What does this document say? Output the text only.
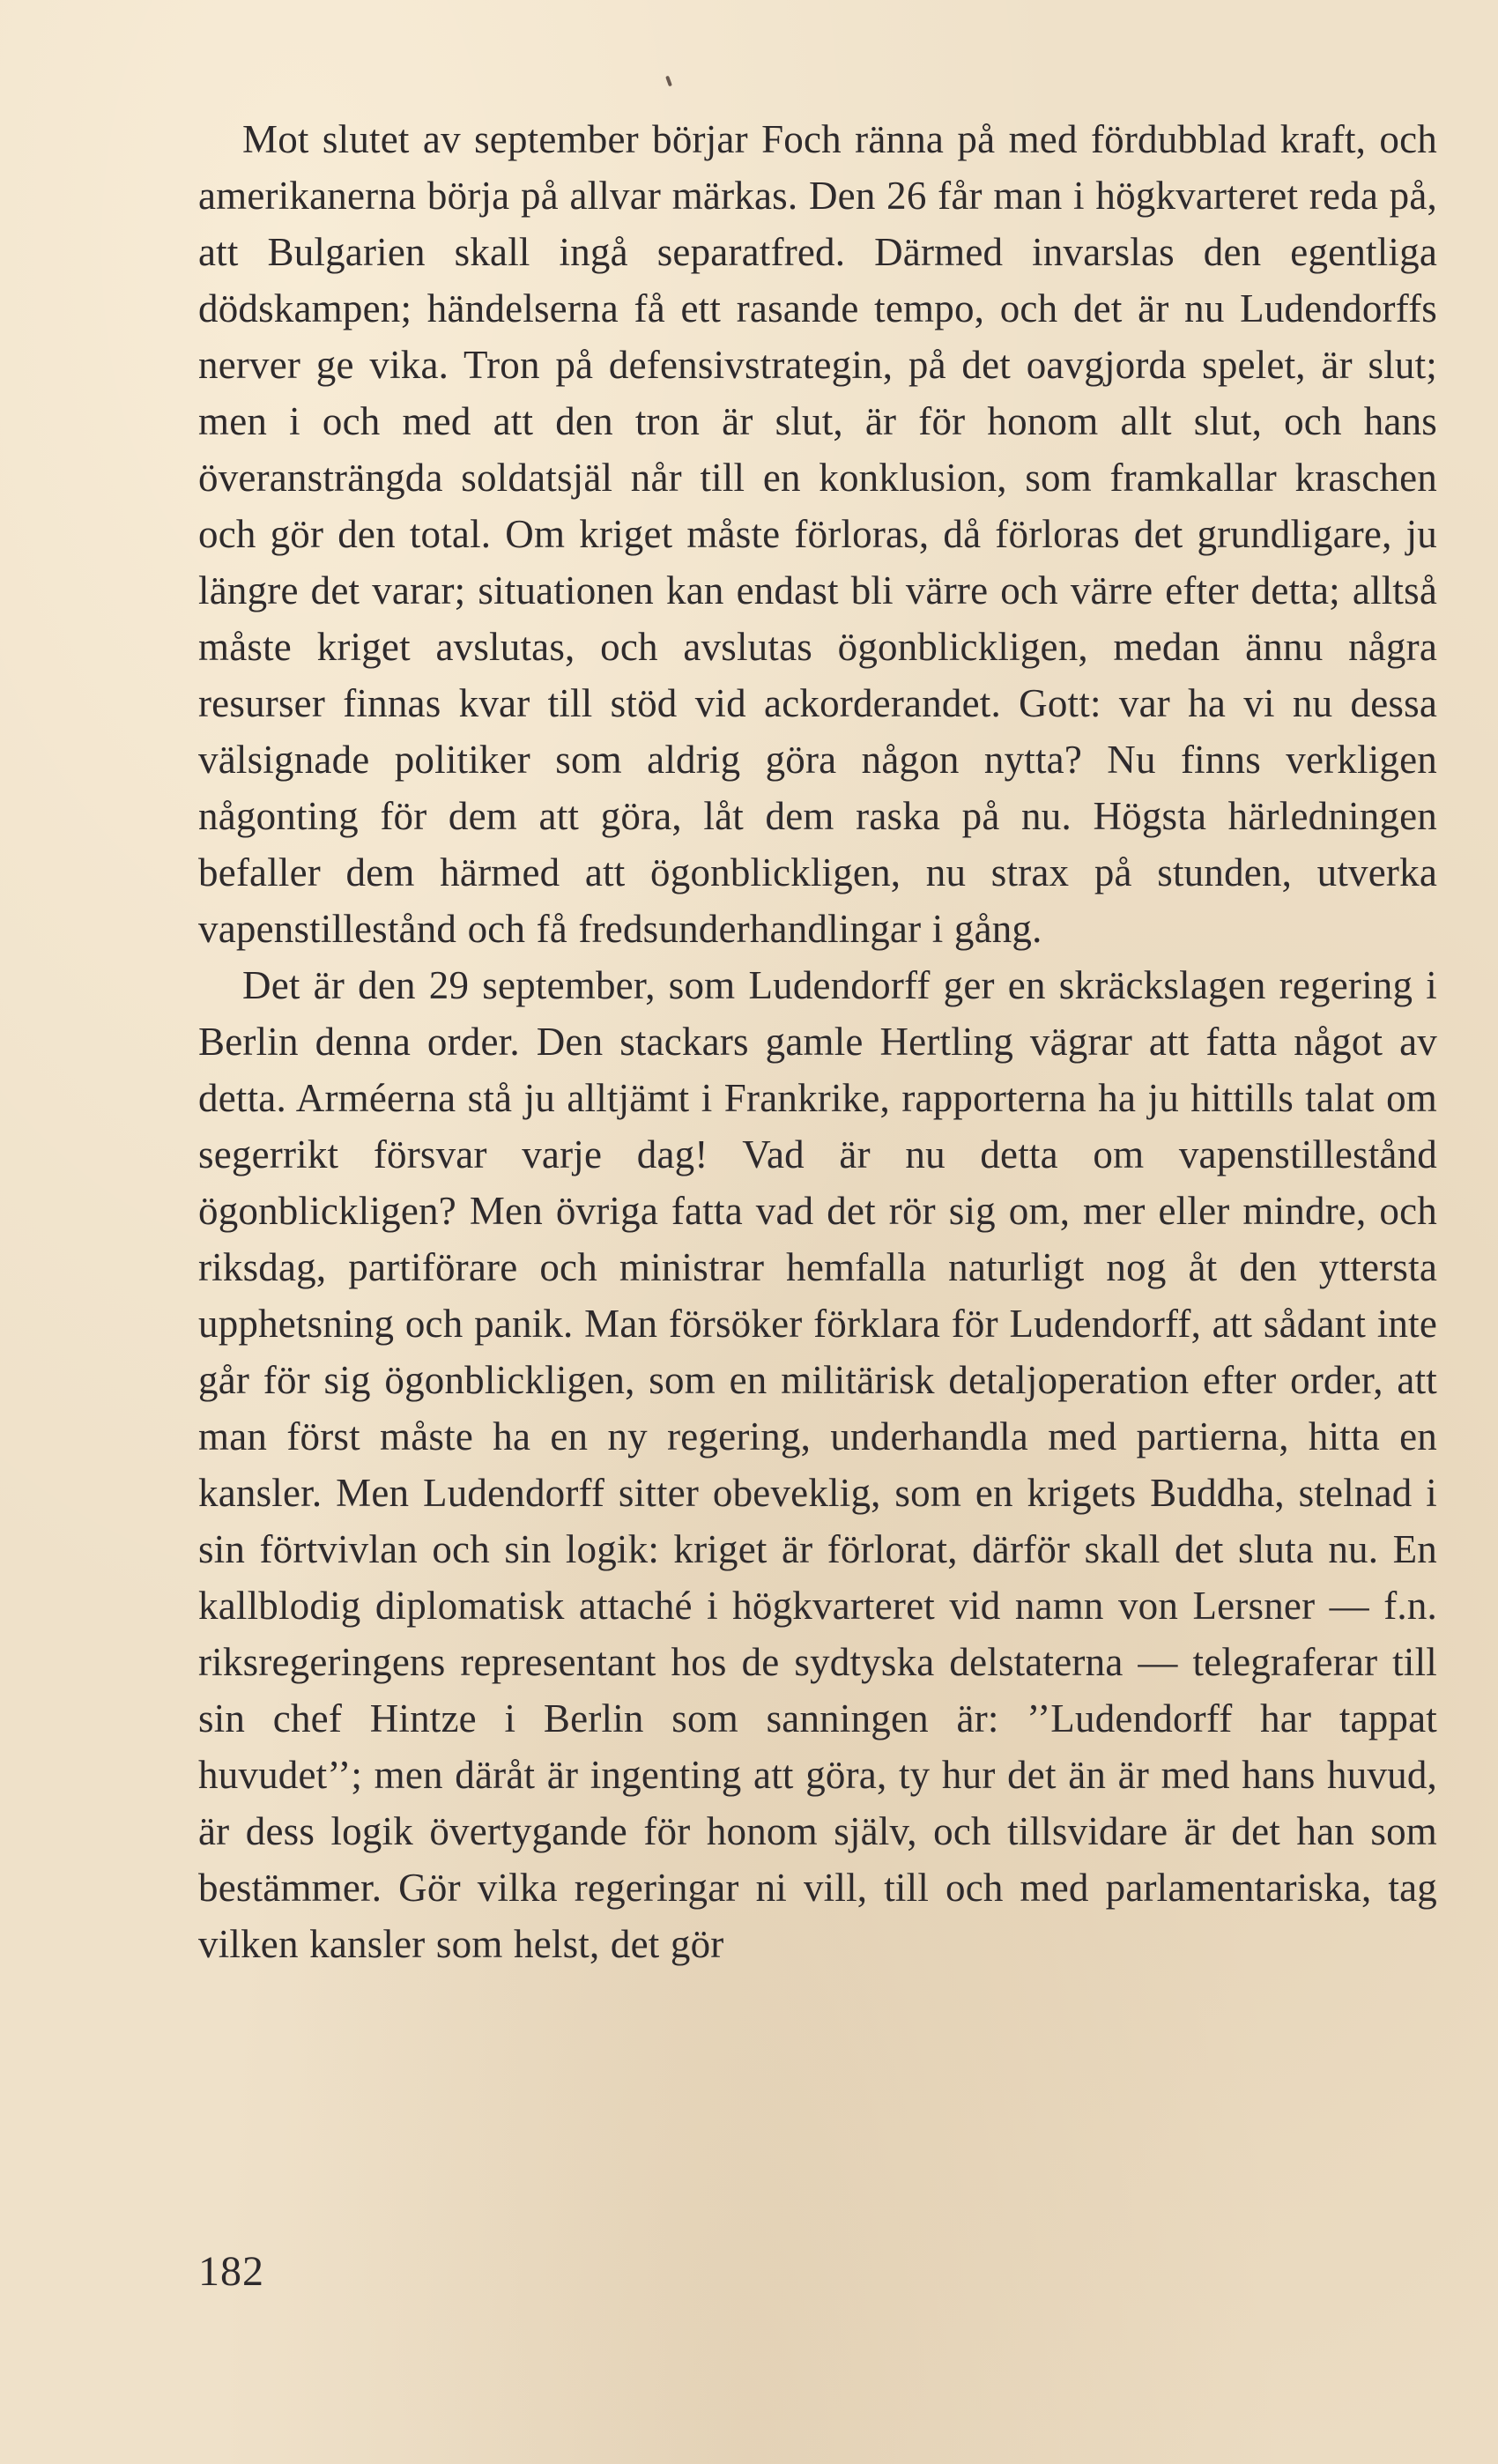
Mot slutet av september börjar Foch ränna på med fördubblad kraft, och amerikanerna börja på allvar märkas. Den 26 får man i högkvarteret reda på, att Bulgarien skall ingå separatfred. Därmed invarslas den egentliga dödskampen; händelserna få ett rasande tempo, och det är nu Ludendorffs nerver ge vika. Tron på defensivstrategin, på det oavgjorda spelet, är slut; men i och med att den tron är slut, är för honom allt slut, och hans överansträngda soldatsjäl når till en konklusion, som framkallar kraschen och gör den total. Om kriget måste förloras, då förloras det grundligare, ju längre det varar; situationen kan endast bli värre och värre efter detta; alltså måste kriget avslutas, och avslutas ögonblickligen, medan ännu några resurser finnas kvar till stöd vid ackorderandet. Gott: var ha vi nu dessa välsignade politiker som aldrig göra någon nytta? Nu finns verkligen någonting för dem att göra, låt dem raska på nu. Högsta härledningen befaller dem härmed att ögonblickligen, nu strax på stunden, utverka vapenstillestånd och få fredsunderhandlingar i gång.

Det är den 29 september, som Ludendorff ger en skräckslagen regering i Berlin denna order. Den stackars gamle Hertling vägrar att fatta något av detta. Arméerna stå ju alltjämt i Frankrike, rapporterna ha ju hittills talat om segerrikt försvar varje dag! Vad är nu detta om vapenstillestånd ögonblickligen? Men övriga fatta vad det rör sig om, mer eller mindre, och riksdag, partiförare och ministrar hemfalla naturligt nog åt den yttersta upphetsning och panik. Man försöker förklara för Ludendorff, att sådant inte går för sig ögonblickligen, som en militärisk detaljoperation efter order, att man först måste ha en ny regering, underhandla med partierna, hitta en kansler. Men Ludendorff sitter obeveklig, som en krigets Buddha, stelnad i sin förtvivlan och sin logik: kriget är förlorat, därför skall det sluta nu. En kallblodig diplomatisk attaché i högkvarteret vid namn von Lersner — f.n. riksregeringens representant hos de sydtyska delstaterna — telegraferar till sin chef Hintze i Berlin som sanningen är: ’’Ludendorff har tappat huvudet’’; men däråt är ingenting att göra, ty hur det än är med hans huvud, är dess logik övertygande för honom själv, och tillsvidare är det han som bestämmer. Gör vilka regeringar ni vill, till och med parlamentariska, tag vilken kansler som helst, det gör

182
